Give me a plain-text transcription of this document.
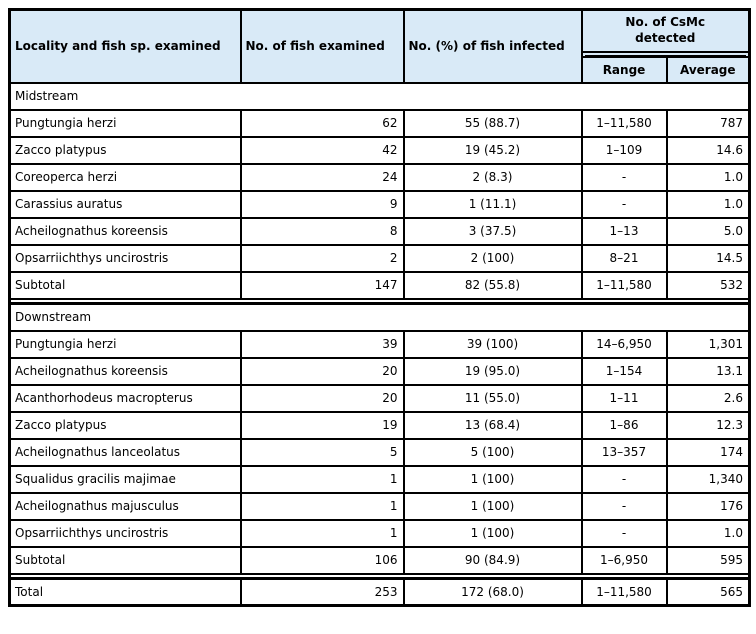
Locality and fish sp. examined	No. of fish examined	No. (%) of fish infected	No. of CsMc detected	

			Range	Average
Midstream				
Pungtungia herzi	62	55 (88.7)	1–11,580	787
Zacco platypus	42	19 (45.2)	1–109	14.6
Coreoperca herzi	24	2 (8.3)	-	1.0
Carassius auratus	9	1 (11.1)	-	1.0
Acheilognathus koreensis	8	3 (37.5)	1–13	5.0
Opsarriichthys uncirostris	2	2 (100)	8–21	14.5
Subtotal	147	82 (55.8)	1–11,580	532

Downstream				
Pungtungia herzi	39	39 (100)	14–6,950	1,301
Acheilognathus koreensis	20	19 (95.0)	1–154	13.1
Acanthorhodeus macropterus	20	11 (55.0)	1–11	2.6
Zacco platypus	19	13 (68.4)	1–86	12.3
Acheilognathus lanceolatus	5	5 (100)	13–357	174
Squalidus gracilis majimae	1	1 (100)	-	1,340
Acheilognathus majusculus	1	1 (100)	-	176
Opsarriichthys uncirostris	1	1 (100)	-	1.0
Subtotal	106	90 (84.9)	1–6,950	595

Total	253	172 (68.0)	1–11,580	565
